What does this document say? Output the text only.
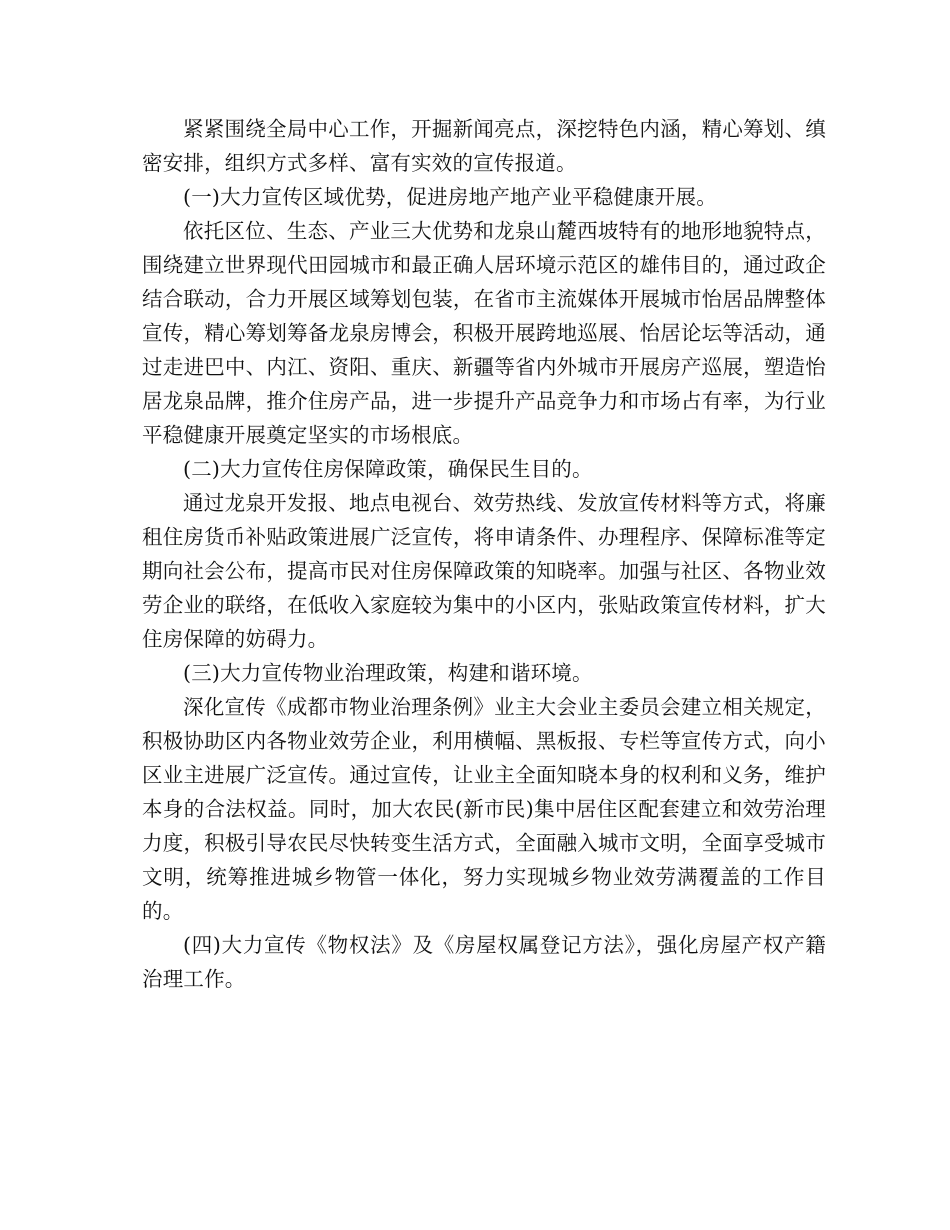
紧紧围绕全局中心工作，开掘新闻亮点，深挖特色内涵，精心筹划、缜密安排，组织方式多样、富有实效的宣传报道。

(一)大力宣传区域优势，促进房地产地产业平稳健康开展。

依托区位、生态、产业三大优势和龙泉山麓西坡特有的地形地貌特点，围绕建立世界现代田园城市和最正确人居环境示范区的雄伟目的，通过政企结合联动，合力开展区域筹划包装，在省市主流媒体开展城市怡居品牌整体宣传，精心筹划筹备龙泉房博会，积极开展跨地巡展、怡居论坛等活动，通过走进巴中、内江、资阳、重庆、新疆等省内外城市开展房产巡展，塑造怡居龙泉品牌，推介住房产品，进一步提升产品竞争力和市场占有率，为行业平稳健康开展奠定坚实的市场根底。

(二)大力宣传住房保障政策，确保民生目的。

通过龙泉开发报、地点电视台、效劳热线、发放宣传材料等方式，将廉租住房货币补贴政策进展广泛宣传，将申请条件、办理程序、保障标准等定期向社会公布，提高市民对住房保障政策的知晓率。加强与社区、各物业效劳企业的联络，在低收入家庭较为集中的小区内，张贴政策宣传材料，扩大住房保障的妨碍力。

(三)大力宣传物业治理政策，构建和谐环境。

深化宣传《成都市物业治理条例》业主大会业主委员会建立相关规定，积极协助区内各物业效劳企业，利用横幅、黑板报、专栏等宣传方式，向小区业主进展广泛宣传。通过宣传，让业主全面知晓本身的权利和义务，维护本身的合法权益。同时，加大农民(新市民)集中居住区配套建立和效劳治理力度，积极引导农民尽快转变生活方式，全面融入城市文明，全面享受城市文明，统筹推进城乡物管一体化，努力实现城乡物业效劳满覆盖的工作目的。

(四)大力宣传《物权法》及《房屋权属登记方法》，强化房屋产权产籍治理工作。
